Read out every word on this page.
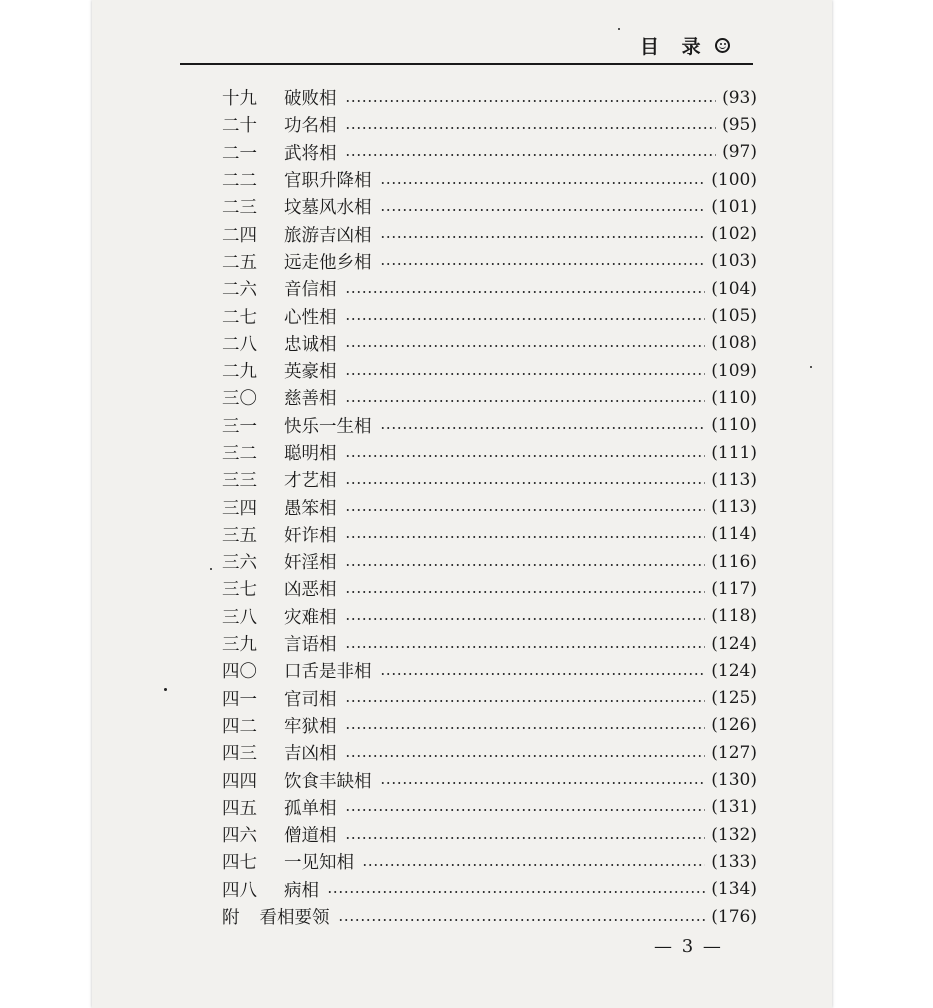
目 录
十九	破败相	(93)
二十	功名相	(95)
二一	武将相	(97)
二二	官职升降相	(100)
二三	坟墓风水相	(101)
二四	旅游吉凶相	(102)
二五	远走他乡相	(103)
二六	音信相	(104)
二七	心性相	(105)
二八	忠诚相	(108)
二九	英豪相	(109)
三〇	慈善相	(110)
三一	快乐一生相	(110)
三二	聪明相	(111)
三三	才艺相	(113)
三四	愚笨相	(113)
三五	奸诈相	(114)
三六	奸淫相	(116)
三七	凶恶相	(117)
三八	灾难相	(118)
三九	言语相	(124)
四〇	口舌是非相	(124)
四一	官司相	(125)
四二	牢狱相	(126)
四三	吉凶相	(127)
四四	饮食丰缺相	(130)
四五	孤单相	(131)
四六	僧道相	(132)
四七	一见知相	(133)
四八	病相	(134)
附	看相要领	(176)
— 3 —
